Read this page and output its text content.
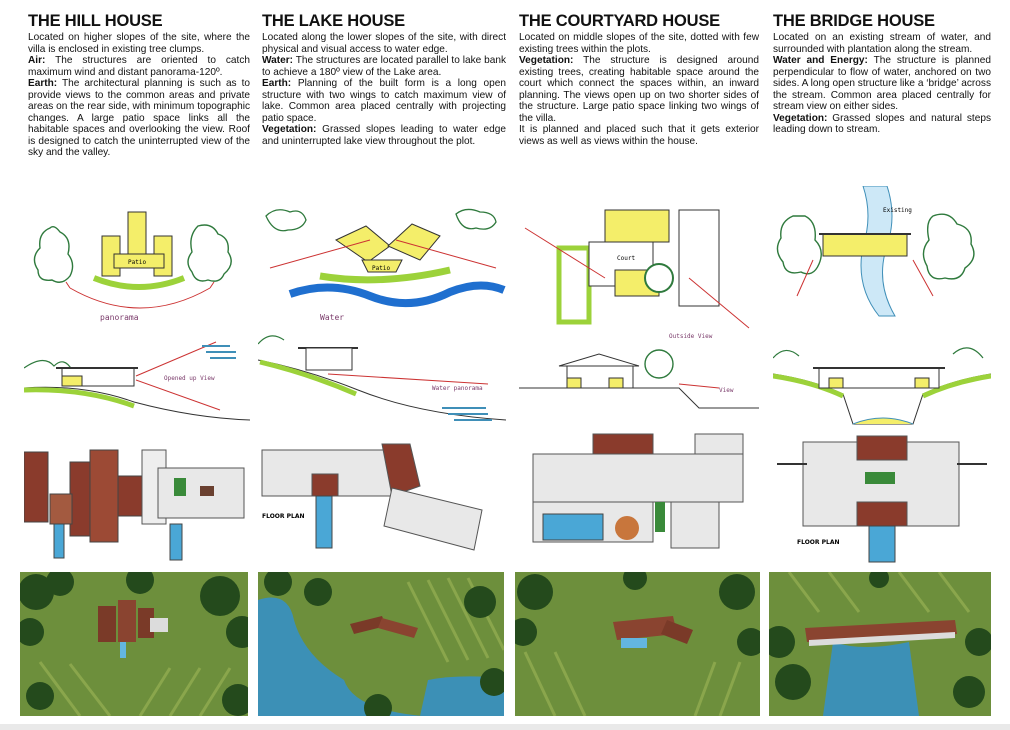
THE HILL HOUSE

Located on higher slopes of the site, where the villa is enclosed in existing tree clumps.

Air: The structures are oriented to catch maximum wind and distant panorama-120º.

Earth: The architectural planning is such as to provide views to the common areas and private areas on the rear side, with minimum topographic changes. A large patio space links all the habitable spaces and overlooking the view. Roof is designed to catch the uninterrupted view of the sky and the valley.

Patio
panorama
Opened up View
THE LAKE HOUSE

Located along the lower slopes of the site, with direct physical and visual access to water edge.

Water: The structures are located parallel to lake bank to achieve a 180º view of the Lake area.

Earth: Planning of the built form is a long open structure with two wings to catch maximum view of lake. Common area placed centrally with projecting patio space.

Vegetation: Grassed slopes leading to water edge and uninterrupted lake view throughout the plot.

Patio
Water
Water panorama
FLOOR PLAN
THE COURTYARD HOUSE

Located on middle slopes of the site, dotted with few existing trees within the plots.

Vegetation: The structure is designed around existing trees, creating habitable space around the court which connect the spaces within, an inward planning. The views open up on two shorter sides of the structure. Large patio space linking two wings of the villa.

It is planned and placed such that it gets exterior views as well as views within the house.

Court
Outside View
View
THE BRIDGE HOUSE

Located on an existing stream of water, and surrounded with plantation along the stream.

Water and Energy: The structure is planned perpendicular to flow of water, anchored on two sides. A long open structure like a ‘bridge’ across the stream. Common area placed centrally for stream view on either sides.

Vegetation: Grassed slopes and natural steps leading down to stream.

Existing
FLOOR PLAN
